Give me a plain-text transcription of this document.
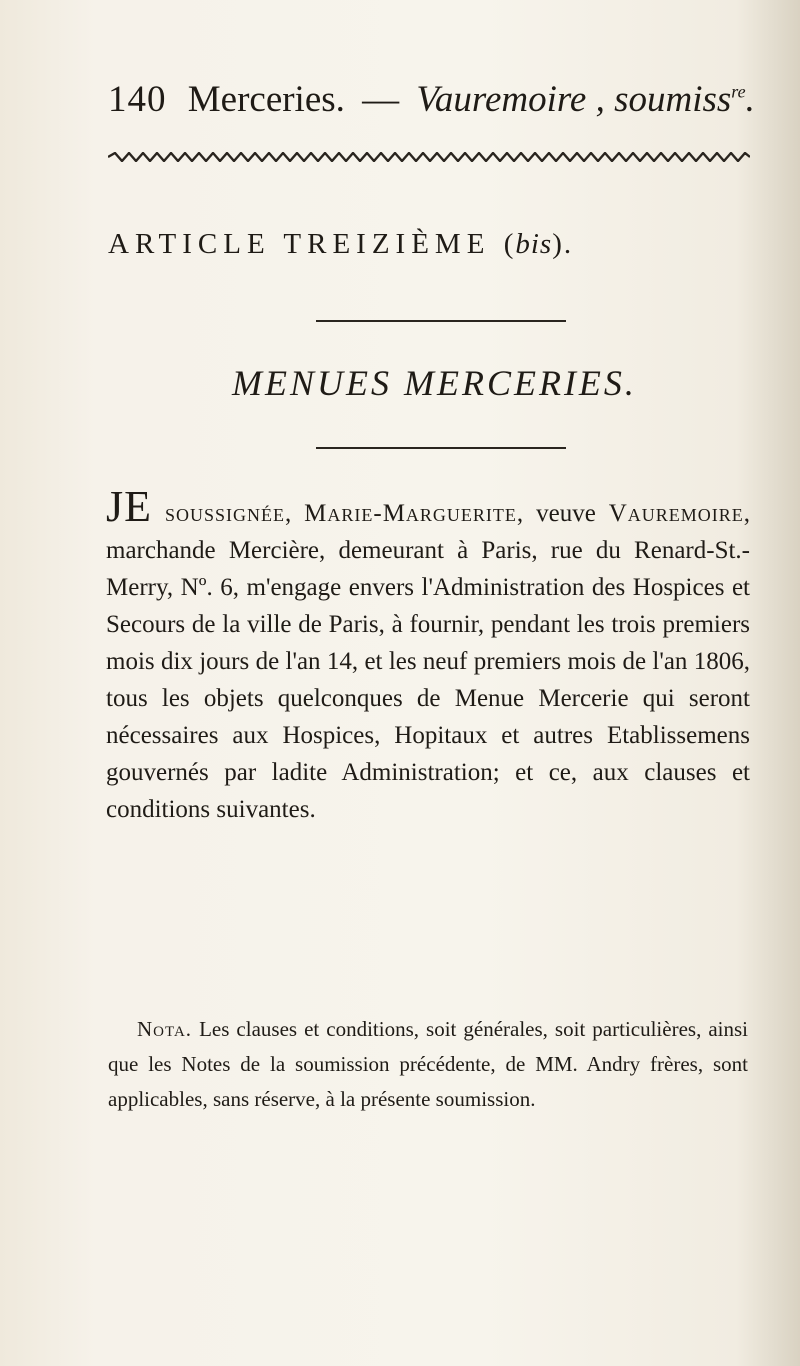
140 Merceries. — Vauremoire , soumiss$^{re}$.
ARTICLE TREIZIÈME (bis).
MENUES MERCERIES.

JE soussignée, Marie-Marguerite, veuve Vauremoire, marchande Mercière, demeurant à Paris, rue du Renard-St.-Merry, Nº. 6, m'engage envers l'Administration des Hospices et Secours de la ville de Paris, à fournir, pendant les trois premiers mois dix jours de l'an 14, et les neuf premiers mois de l'an 1806, tous les objets quelconques de Menue Mercerie qui seront nécessaires aux Hospices, Hopitaux et autres Etablissemens gouvernés par ladite Administration; et ce, aux clauses et conditions suivantes.

Nota. Les clauses et conditions, soit générales, soit particulières, ainsi que les Notes de la soumission précédente, de MM. Andry frères, sont applicables, sans réserve, à la présente soumission.
